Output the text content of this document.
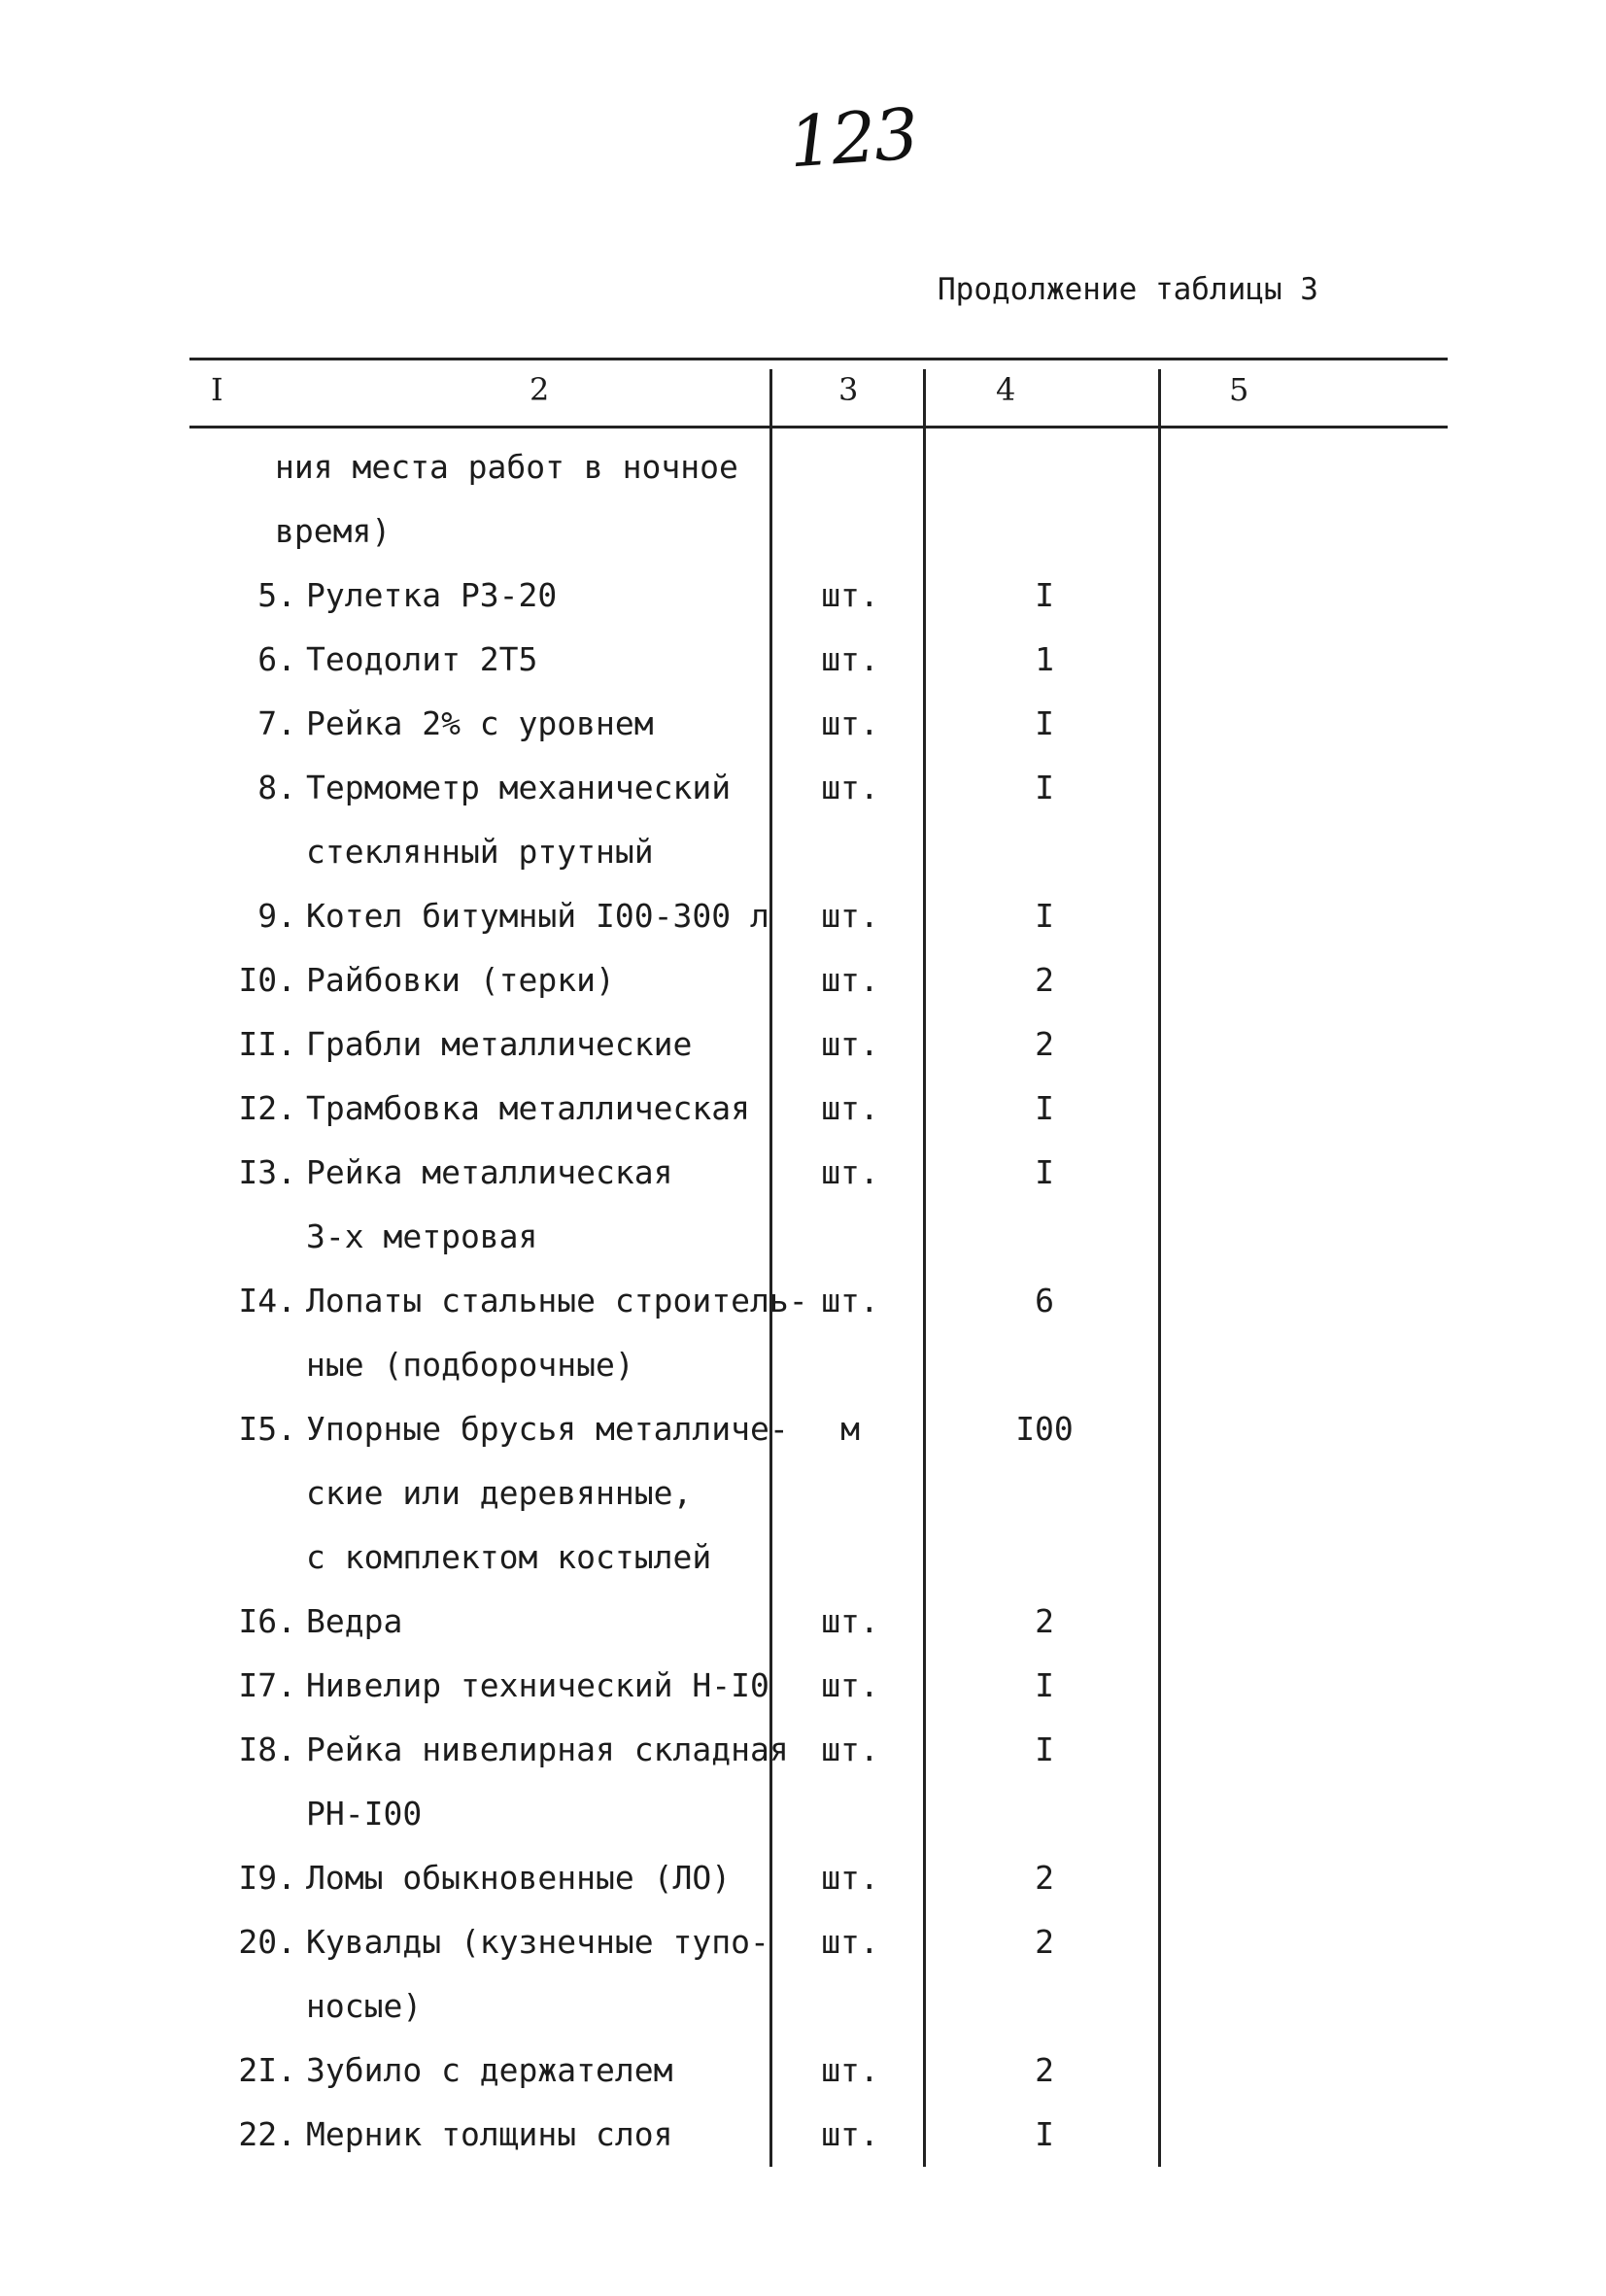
123
Продолжение таблицы 3
I	2	3	4	5
ния места работ в ночное
время)
5. Рулетка РЗ-20	шт.	I
6. Теодолит 2Т5	шт.	1
7. Рейка 2% с уровнем	шт.	I
8. Термометр механический	шт.	I
стеклянный ртутный
9. Котел битумный I00-300 л	шт.	I
I0. Райбовки (терки)	шт.	2
II. Грабли металлические	шт.	2
I2. Трамбовка металлическая	шт.	I
I3. Рейка металлическая	шт.	I
3-х метровая
I4. Лопаты стальные строитель- шт.	6
ные (подборочные)
I5. Упорные брусья металличе-	м	I00
ские или деревянные,
с комплектом костылей
I6. Ведра	шт.	2
I7. Нивелир технический Н-I0	шт.	I
I8. Рейка нивелирная складная	шт.	I
РН-I00
I9. Ломы обыкновенные (ЛО)	шт.	2
20. Кувалды (кузнечные тупо-	шт.	2
носые)
2I. Зубило с держателем	шт.	2
22. Мерник толщины слоя	шт.	I
